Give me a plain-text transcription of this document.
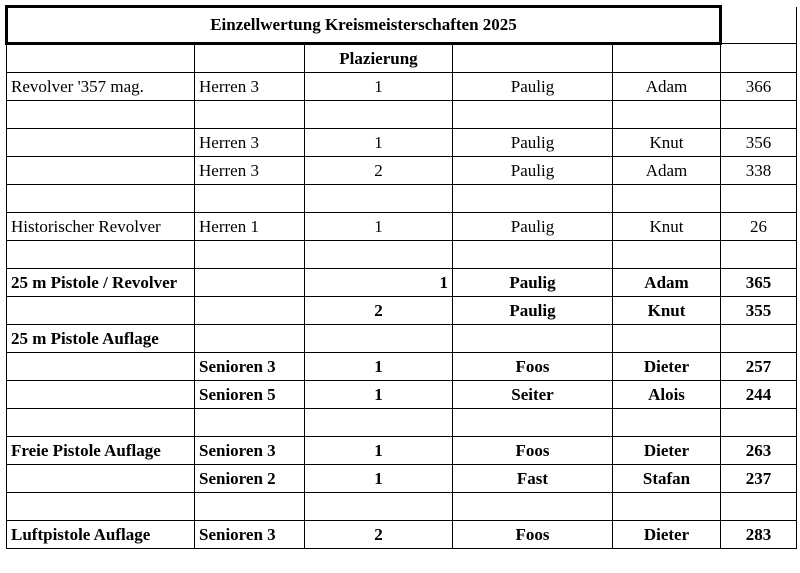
Einzellwertung Kreismeisterschaften 2025					
		Plazierung			
Revolver '357 mag.	Herren 3	1	Paulig	Adam	366

	Herren 3	1	Paulig	Knut	356
	Herren 3	2	Paulig	Adam	338

Historischer Revolver	Herren 1	1	Paulig	Knut	26

25 m Pistole / Revolver		1	Paulig	Adam	365
		2	Paulig	Knut	355
25 m Pistole Auflage					
	Senioren 3	1	Foos	Dieter	257
	Senioren 5	1	Seiter	Alois	244

Freie Pistole Auflage	Senioren 3	1	Foos	Dieter	263
	Senioren 2	1	Fast	Stafan	237

Luftpistole Auflage	Senioren 3	2	Foos	Dieter	283
